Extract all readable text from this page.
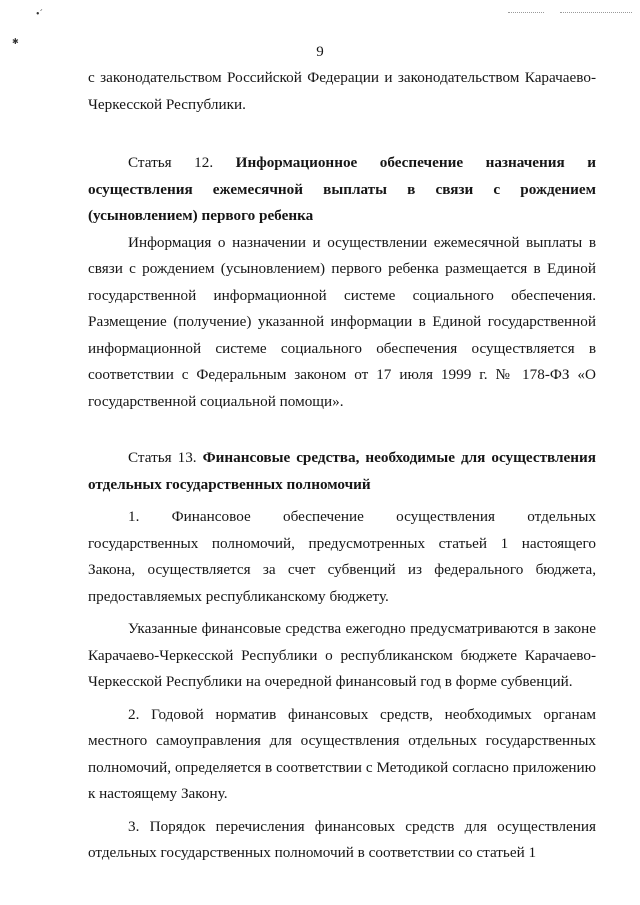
•´
✱
9

с законодательством Российской Федерации и законодательством Карачаево-Черкесской Республики.

Статья 12. Информационное обеспечение назначения и осуществления ежемесячной выплаты в связи с рождением (усыновлением) первого ребенка

Информация о назначении и осуществлении ежемесячной выплаты в связи с рождением (усыновлением) первого ребенка размещается в Единой государственной информационной системе социального обеспечения. Размещение (получение) указанной информации в Единой государственной информационной системе социального обеспечения осуществляется в соответствии с Федеральным законом от 17 июля 1999 г. № 178-ФЗ «О государственной социальной помощи».

Статья 13. Финансовые средства, необходимые для осуществления отдельных государственных полномочий

1. Финансовое обеспечение осуществления отдельных государственных полномочий, предусмотренных статьей 1 настоящего Закона, осуществляется за счет субвенций из федерального бюджета, предоставляемых республиканскому бюджету.

Указанные финансовые средства ежегодно предусматриваются в законе Карачаево-Черкесской Республики о республиканском бюджете Карачаево-Черкесской Республики на очередной финансовый год в форме субвенций.

2. Годовой норматив финансовых средств, необходимых органам местного самоуправления для осуществления отдельных государственных полномочий, определяется в соответствии с Методикой согласно приложению к настоящему Закону.

3. Порядок перечисления финансовых средств для осуществления отдельных государственных полномочий в соответствии со статьей 1
